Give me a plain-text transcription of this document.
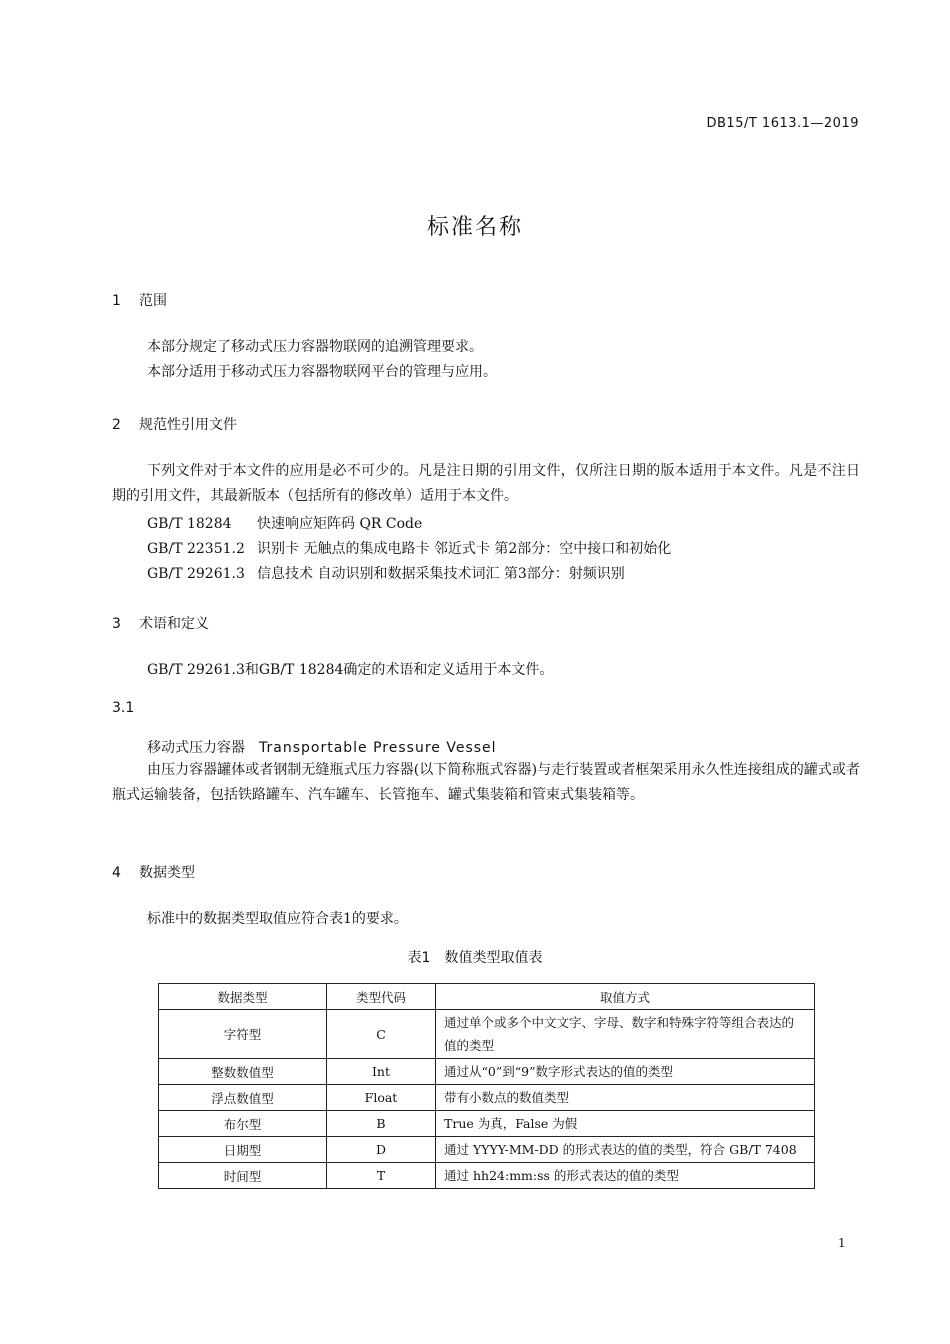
DB15/T 1613.1—2019
标准名称
1 范围
本部分规定了移动式压力容器物联网的追溯管理要求。
本部分适用于移动式压力容器物联网平台的管理与应用。
2 规范性引用文件
下列文件对于本文件的应用是必不可少的。凡是注日期的引用文件，仅所注日期的版本适用于本文件。凡是不注日期的引用文件，其最新版本（包括所有的修改单）适用于本文件。
GB/T 18284 快速响应矩阵码 QR Code
GB/T 22351.2 识别卡 无触点的集成电路卡 邻近式卡 第2部分：空中接口和初始化
GB/T 29261.3 信息技术 自动识别和数据采集技术词汇 第3部分：射频识别
3 术语和定义
GB/T 29261.3和GB/T 18284确定的术语和定义适用于本文件。
3.1
移动式压力容器 Transportable Pressure Vessel
由压力容器罐体或者钢制无缝瓶式压力容器(以下简称瓶式容器)与走行装置或者框架采用永久性连接组成的罐式或者瓶式运输装备，包括铁路罐车、汽车罐车、长管拖车、罐式集装箱和管束式集装箱等。
4 数据类型
标准中的数据类型取值应符合表1的要求。
表1　数值类型取值表
数据类型	类型代码	取值方式
字符型	C	通过单个或多个中文文字、字母、数字和特殊字符等组合表达的值的类型
整数数值型	Int	通过从“0”到“9”数字形式表达的值的类型
浮点数值型	Float	带有小数点的数值类型
布尔型	B	True 为真，False 为假
日期型	D	通过 YYYY-MM-DD 的形式表达的值的类型，符合 GB/T 7408
时间型	T	通过 hh24:mm:ss 的形式表达的值的类型
1
